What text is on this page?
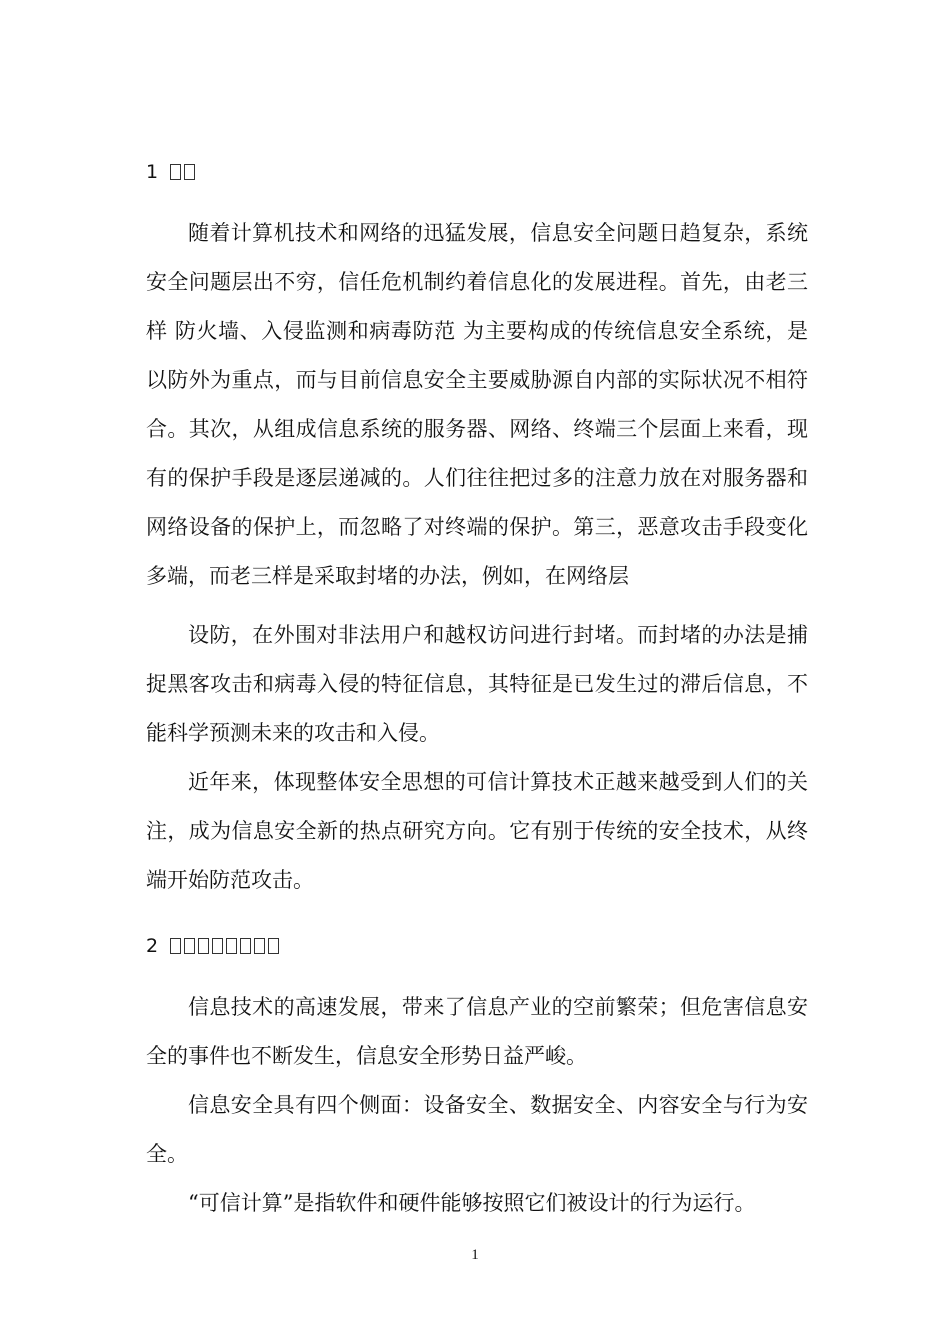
1

随着计算机技术和网络的迅猛发展，信息安全问题日趋复杂，系统安全问题层出不穷，信任危机制约着信息化的发展进程。首先，由老三样 防火墙、入侵监测和病毒防范 为主要构成的传统信息安全系统，是以防外为重点，而与目前信息安全主要威胁源自内部的实际状况不相符合。其次，从组成信息系统的服务器、网络、终端三个层面上来看，现有的保护手段是逐层递减的。人们往往把过多的注意力放在对服务器和网络设备的保护上，而忽略了对终端的保护。第三，恶意攻击手段变化多端，而老三样是采取封堵的办法，例如，在网络层

设防，在外围对非法用户和越权访问进行封堵。而封堵的办法是捕捉黑客攻击和病毒入侵的特征信息，其特征是已发生过的滞后信息，不能科学预测未来的攻击和入侵。

近年来，体现整体安全思想的可信计算技术正越来越受到人们的关注，成为信息安全新的热点研究方向。它有别于传统的安全技术，从终端开始防范攻击。

2

信息技术的高速发展，带来了信息产业的空前繁荣；但危害信息安全的事件也不断发生，信息安全形势日益严峻。

信息安全具有四个侧面：设备安全、数据安全、内容安全与行为安全。

“可信计算”是指软件和硬件能够按照它们被设计的行为运行。

1
